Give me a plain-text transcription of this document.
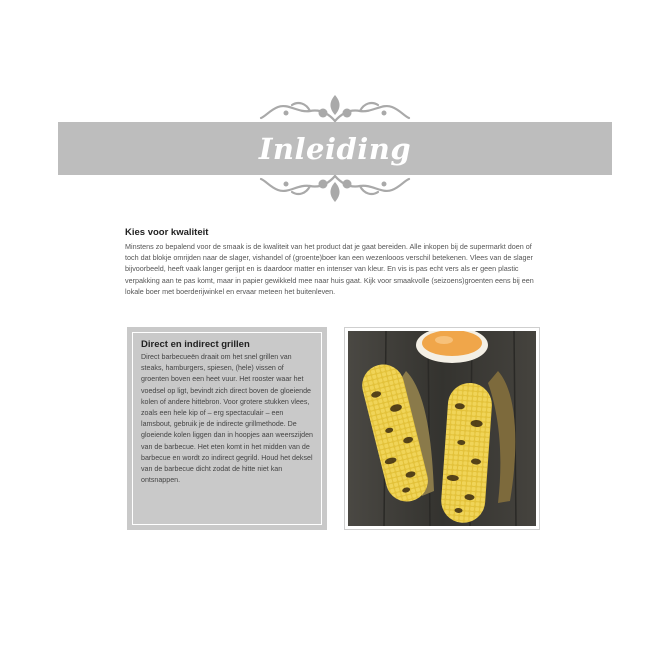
Inleiding
Kies voor kwaliteit

Minstens zo bepalend voor de smaak is de kwaliteit van het product dat je gaat bereiden. Alle inkopen bij de supermarkt doen of toch dat blokje omrijden naar de slager, vishandel of (groente)boer kan een wezenlooos verschil betekenen. Vlees van de slager bijvoorbeeld, heeft vaak langer gerijpt en is daardoor matter en intenser van kleur. En vis is pas echt vers als er geen plastic verpakking aan te pas komt, maar in papier gewikkeld mee naar huis gaat. Kijk voor smaakvolle (seizoens)groenten eens bij een lokale boer met boerderijwinkel en ervaar meteen het buitenleven.

Direct en indirect grillen

Direct barbecueën draait om het snel grillen van steaks, hamburgers, spiesen, (hele) vissen of groenten boven een heet vuur. Het rooster waar het voedsel op ligt, bevindt zich direct boven de gloeiende kolen of andere hittebron. Voor grotere stukken vlees, zoals een hele kip of – erg spectaculair – een lamsbout, gebruik je de indirecte grillmethode. De gloeiende kolen liggen dan in hoopjes aan weerszijden van de barbecue. Het eten komt in het midden van de barbecue en wordt zo indirect gegrild. Houd het deksel van de barbecue dicht zodat de hitte niet kan ontsnappen.
